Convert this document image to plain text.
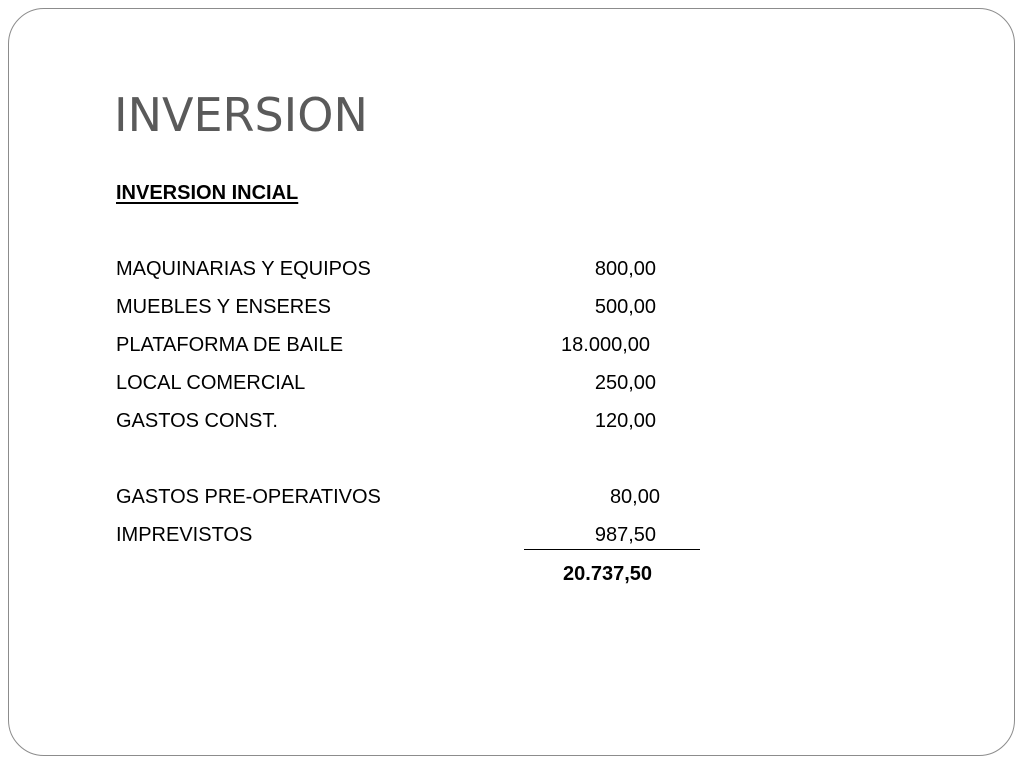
INVERSION
INVERSION INCIAL
MAQUINARIAS Y EQUIPOS	800,00
MUEBLES Y ENSERES	500,00
PLATAFORMA DE BAILE	18.000,00
LOCAL COMERCIAL	250,00
GASTOS CONST.	120,00
GASTOS PRE-OPERATIVOS	80,00
IMPREVISTOS	987,50
20.737,50
